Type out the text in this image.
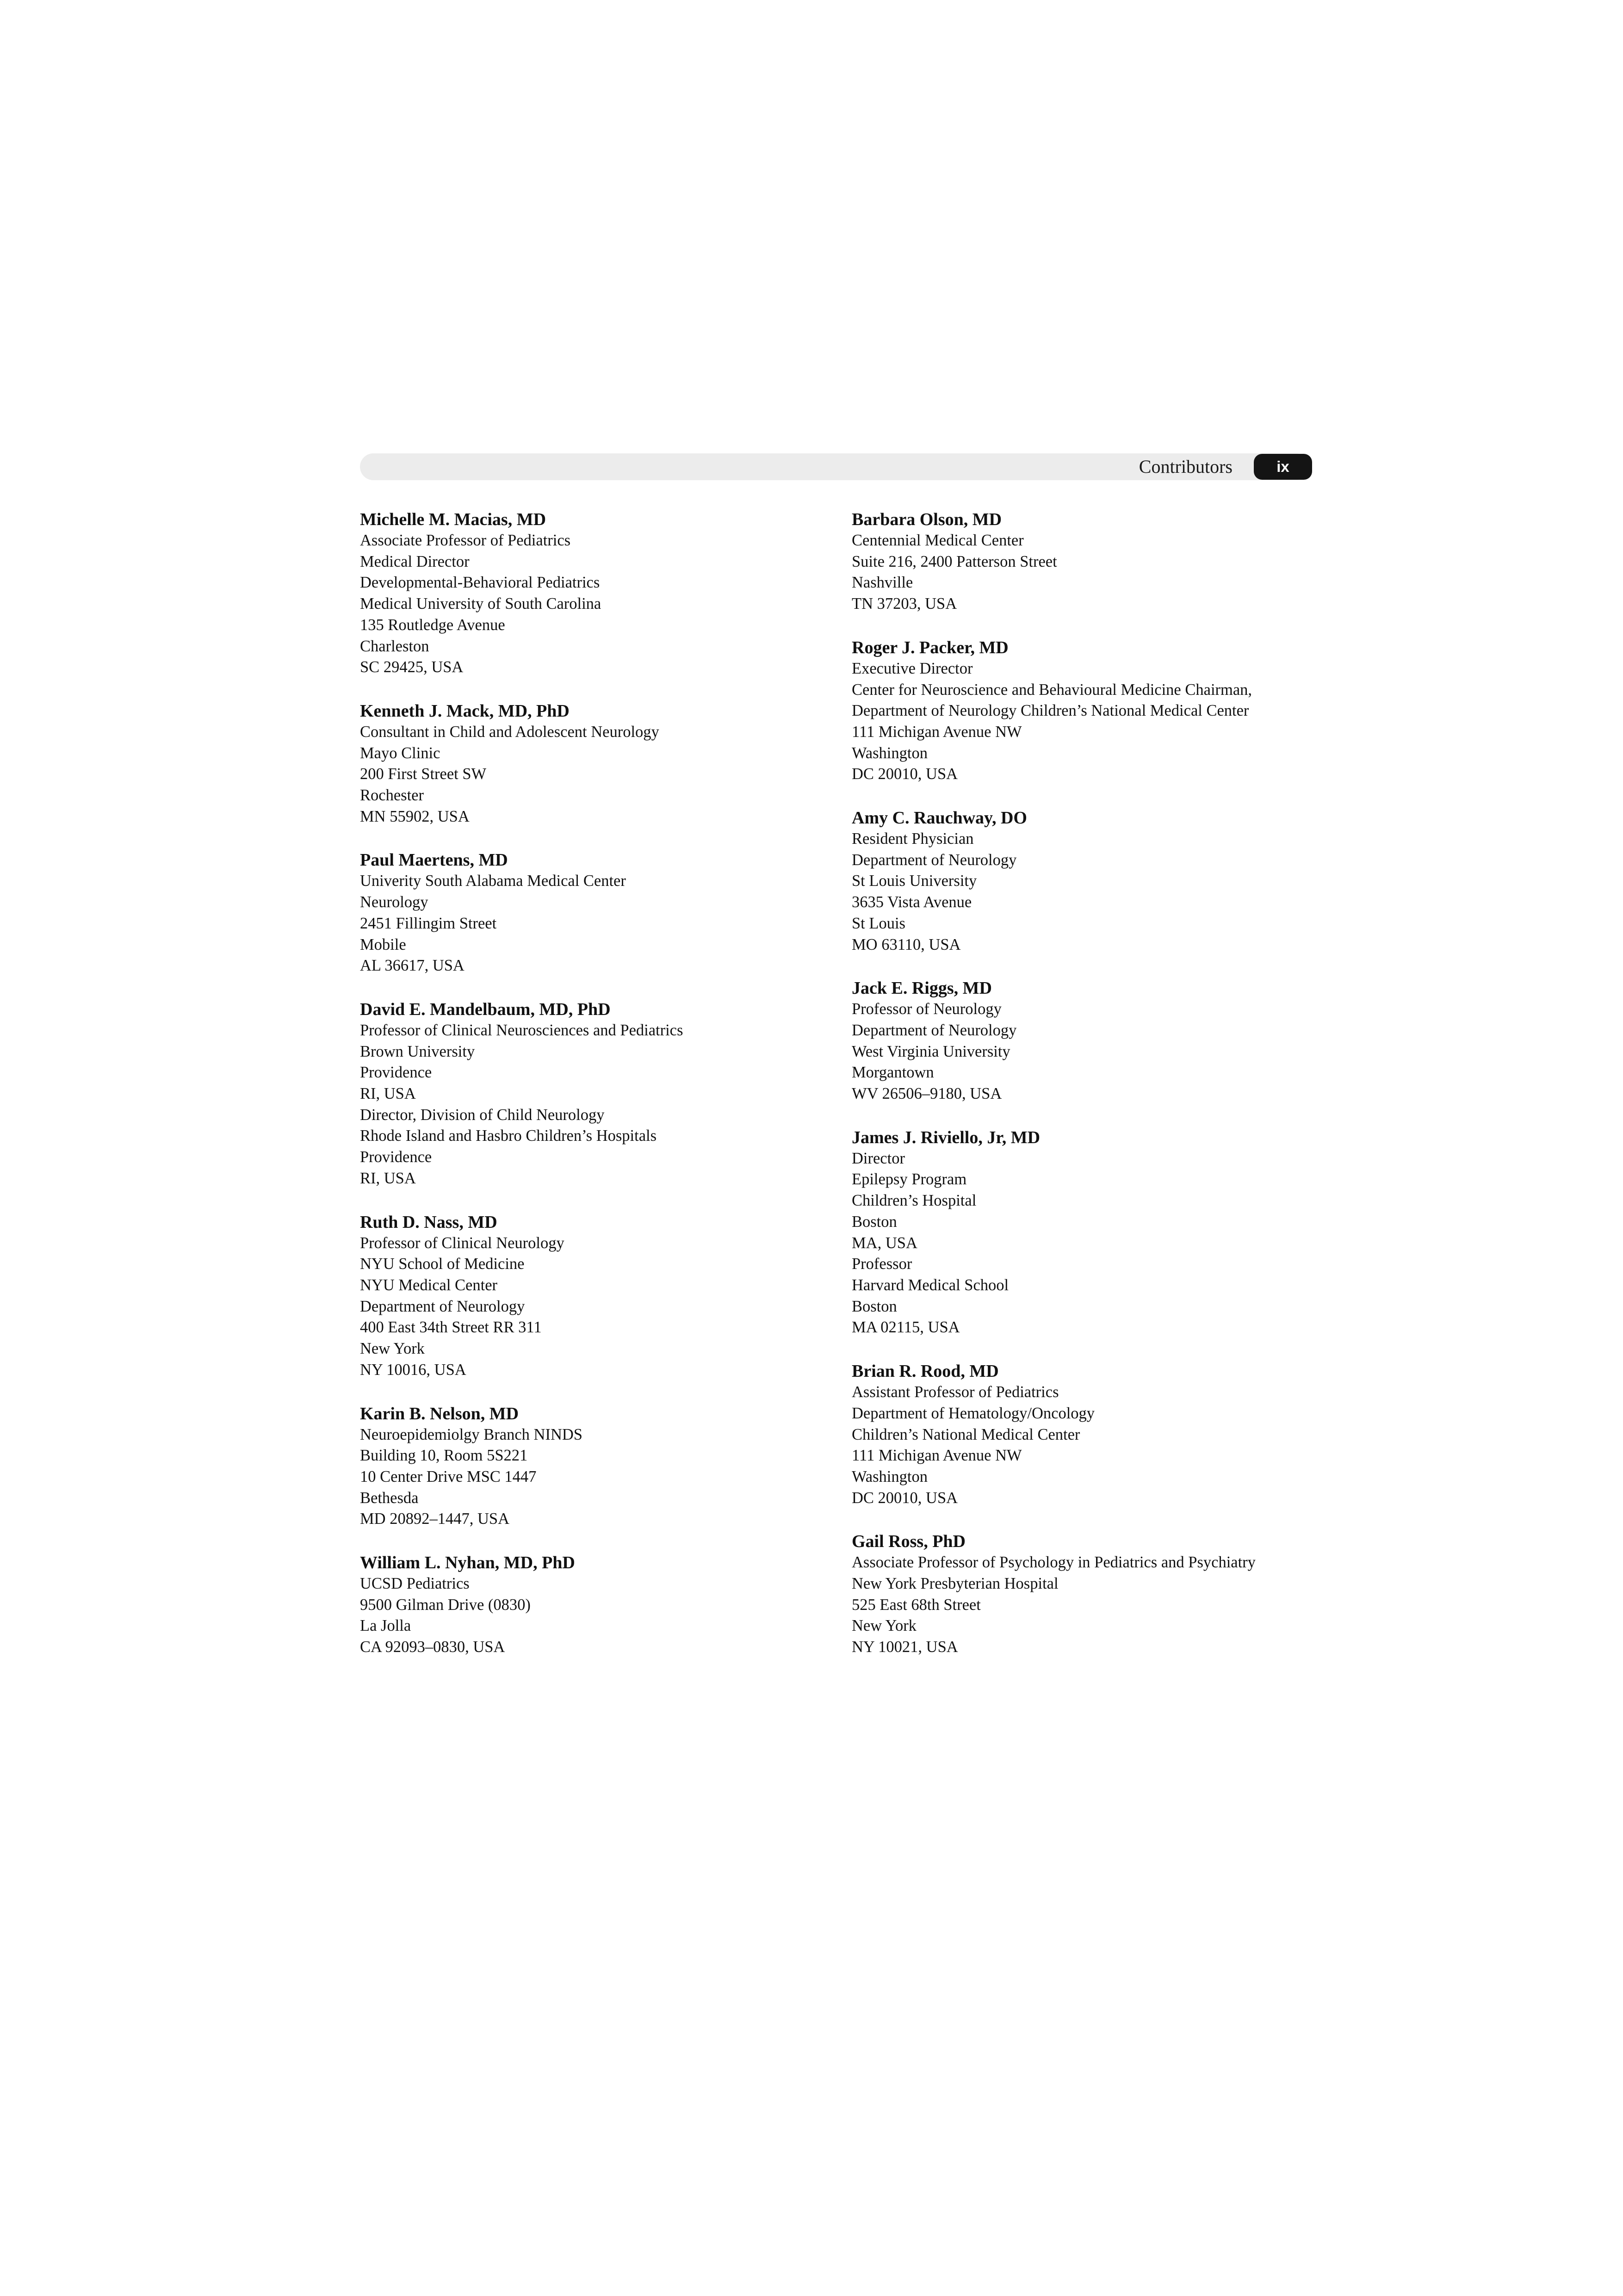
Contributors	ix
Michelle M. Macias, MD
Associate Professor of Pediatrics
Medical Director
Developmental-Behavioral Pediatrics
Medical University of South Carolina
135 Routledge Avenue
Charleston
SC 29425, USA
Kenneth J. Mack, MD, PhD
Consultant in Child and Adolescent Neurology
Mayo Clinic
200 First Street SW
Rochester
MN 55902, USA
Paul Maertens, MD
Univerity South Alabama Medical Center
Neurology
2451 Fillingim Street
Mobile
AL 36617, USA
David E. Mandelbaum, MD, PhD
Professor of Clinical Neurosciences and Pediatrics
Brown University
Providence
RI, USA
Director, Division of Child Neurology
Rhode Island and Hasbro Children’s Hospitals
Providence
RI, USA
Ruth D. Nass, MD
Professor of Clinical Neurology
NYU School of Medicine
NYU Medical Center
Department of Neurology
400 East 34th Street RR 311
New York
NY 10016, USA
Karin B. Nelson, MD
Neuroepidemiolgy Branch NINDS
Building 10, Room 5S221
10 Center Drive MSC 1447
Bethesda
MD 20892–1447, USA
William L. Nyhan, MD, PhD
UCSD Pediatrics
9500 Gilman Drive (0830)
La Jolla
CA 92093–0830, USA
Barbara Olson, MD
Centennial Medical Center
Suite 216, 2400 Patterson Street
Nashville
TN 37203, USA
Roger J. Packer, MD
Executive Director
Center for Neuroscience and Behavioural Medicine Chairman,
Department of Neurology Children’s National Medical Center
111 Michigan Avenue NW
Washington
DC 20010, USA
Amy C. Rauchway, DO
Resident Physician
Department of Neurology
St Louis University
3635 Vista Avenue
St Louis
MO 63110, USA
Jack E. Riggs, MD
Professor of Neurology
Department of Neurology
West Virginia University
Morgantown
WV 26506–9180, USA
James J. Riviello, Jr, MD
Director
Epilepsy Program
Children’s Hospital
Boston
MA, USA
Professor
Harvard Medical School
Boston
MA 02115, USA
Brian R. Rood, MD
Assistant Professor of Pediatrics
Department of Hematology/Oncology
Children’s National Medical Center
111 Michigan Avenue NW
Washington
DC 20010, USA
Gail Ross, PhD
Associate Professor of Psychology in Pediatrics and Psychiatry
New York Presbyterian Hospital
525 East 68th Street
New York
NY 10021, USA
